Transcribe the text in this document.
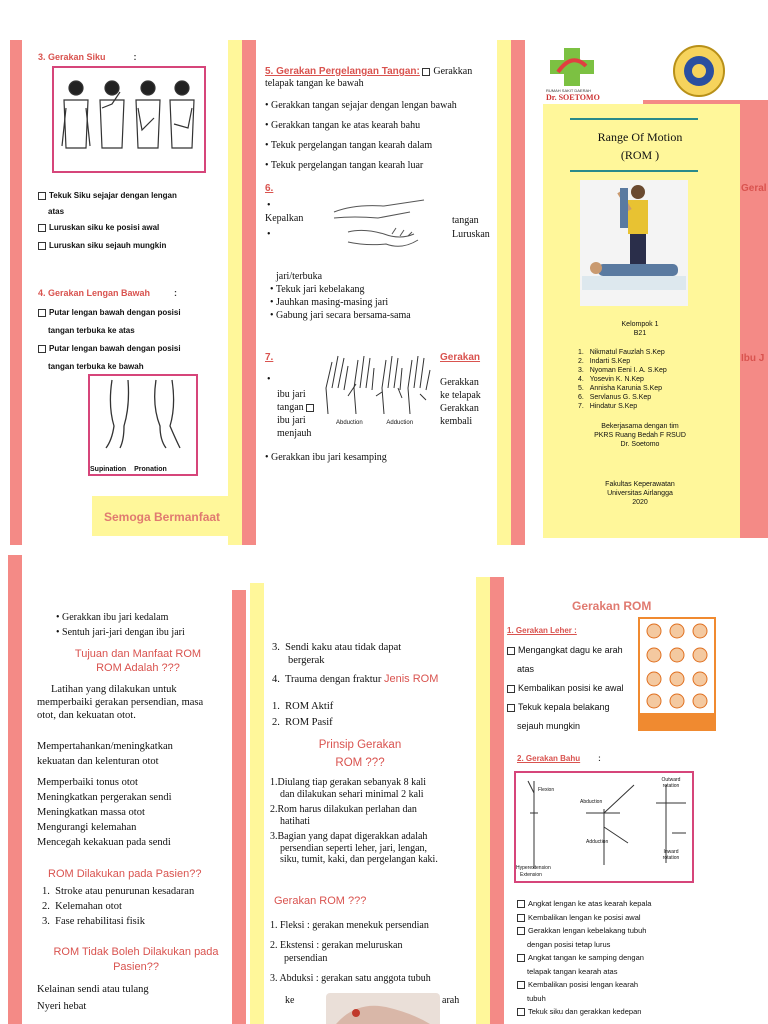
3. Gerakan Siku	:
Tekuk Siku sejajar dengan lengan
atas
Luruskan siku ke posisi awal
Luruskan siku sejauh mungkin
4. Gerakan Lengan Bawah	:
Putar lengan bawah dengan posisi
tangan terbuka ke atas
Putar lengan bawah dengan posisi
tangan terbuka ke bawah
Supination Pronation
Semoga Bermanfaat
5. Gerakan Pergelangan Tangan: Gerakkan
telapak tangan ke bawah
• Gerakkan tangan sejajar dengan lengan bawah
• Gerakkan tangan ke atas kearah bahu
• Tekuk pergelangan tangan kearah dalam
• Tekuk pergelangan tangan kearah luar
6.
•
Kepalkan
•
tangan
Luruskan
jari/terbuka
• Tekuk jari kebelakang
• Jauhkan masing-masing jari
• Gabung jari secara bersama-sama
7.	Gerakan
•
ibu jari
tangan
ibu jari
menjauh
Gerakkan
ke telapak
Gerakkan
kembali
Abduction	Adduction
• Gerakkan ibu jari kesamping
RUMAH SAKIT DAERAH
Dr. SOETOMO
Range Of Motion
(ROM )
Kelompok 1
B21
1.   Nikmatul Fauzlah S.Kep
2.   Indarti S.Kep
3.   Nyoman Eeni I. A. S.Kep
4.   Yosevin K. N.Kep
5.   Annisha Karunia S.Kep
6.   Servlanus G. S.Kep
7.   Hindatur S.Kep
Bekerjasama dengan tim
PKRS Ruang Bedah F RSUD
Dr. Soetomo
Fakultas Keperawatan
Universitas Airlangga
2020
Geral
Ibu J
• Gerakkan ibu jari kedalam
• Sentuh jari-jari dengan ibu jari
Tujuan dan Manfaat ROM
ROM Adalah ???
Latihan yang dilakukan untuk
memperbaiki gerakan persendian, masa
otot, dan kekuatan otot.
Mempertahankan/meningkatkan
kekuatan dan kelenturan otot
Memperbaiki tonus otot
Meningkatkan pergerakan sendi
Meningkatkan massa otot
Mengurangi kelemahan
Mencegah kekakuan pada sendi
ROM Dilakukan pada Pasien??
1.  Stroke atau penurunan kesadaran
2.  Kelemahan otot
3.  Fase rehabilitasi fisik
ROM Tidak Boleh Dilakukan pada
Pasien??
Kelainan sendi atau tulang
Nyeri hebat
3.  Sendi kaku atau tidak dapat
bergerak
4.  Trauma dengan fraktur Jenis ROM
1.  ROM Aktif
2.  ROM Pasif
Prinsip Gerakan
ROM ???
1.Diulang tiap gerakan sebanyak 8 kali
dan dilakukan sehari minimal 2 kali
2.Rom harus dilakukan perlahan dan
hatihati
3.Bagian yang dapat digerakkan adalah
persendian seperti leher, jari, lengan,
siku, tumit, kaki, dan pergelangan kaki.
Gerakan ROM ???
1. Fleksi : gerakan menekuk persendian
2. Ekstensi : gerakan meluruskan
persendian
3. Abduksi : gerakan satu anggota tubuh
ke	arah
Gerakan ROM
1. Gerakan Leher :
Mengangkat dagu ke arah
atas
Kembalikan posisi ke awal
Tekuk kepala belakang
sejauh mungkin
2. Gerakan Bahu :
Flexion
Abduction
Adduction
Outward rotation
Inward rotation
Hyperextension
Extension
Angkat lengan ke atas kearah kepala
Kembalikan lengan ke posisi awal
Gerakkan lengan kebelakang tubuh
dengan posisi tetap lurus
Angkat tangan ke samping dengan
telapak tangan kearah atas
Kembalikan posisi lengan kearah
tubuh
Tekuk siku dan gerakkan kedepan
